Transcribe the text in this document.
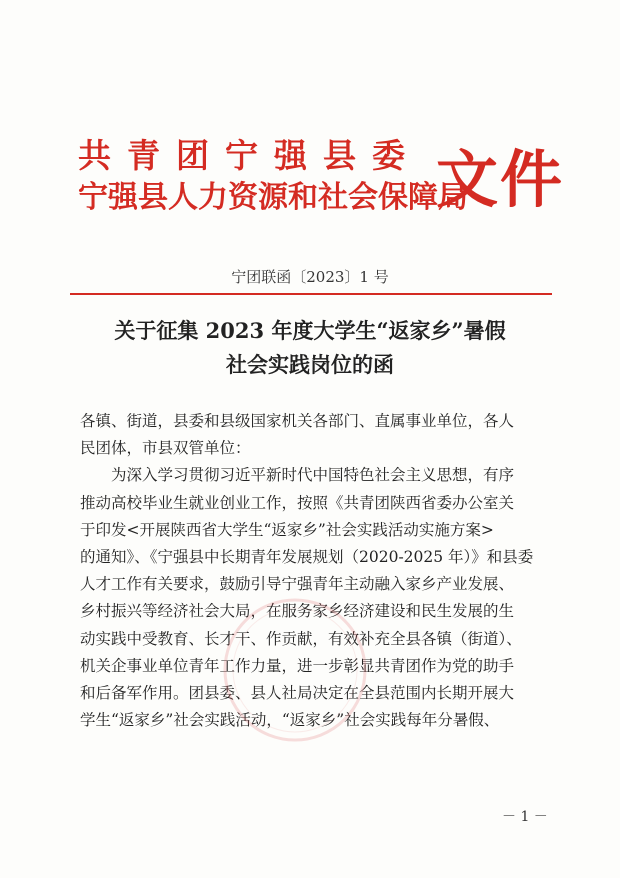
共青团宁强县委
宁强县人力资源和社会保障局
文件
宁团联函〔2023〕1 号
关于征集 2023 年度大学生“返家乡”暑假
社会实践岗位的函
各镇、街道，县委和县级国家机关各部门、直属事业单位，各人
民团体，市县双管单位：
为深入学习贯彻习近平新时代中国特色社会主义思想，有序
推动高校毕业生就业创业工作，按照《共青团陕西省委办公室关
于印发<开展陕西省大学生“返家乡”社会实践活动实施方案>
的通知》、《宁强县中长期青年发展规划（2020-2025 年）》和县委
人才工作有关要求，鼓励引导宁强青年主动融入家乡产业发展、
乡村振兴等经济社会大局，在服务家乡经济建设和民生发展的生
动实践中受教育、长才干、作贡献，有效补充全县各镇（街道）、
机关企事业单位青年工作力量，进一步彰显共青团作为党的助手
和后备军作用。团县委、县人社局决定在全县范围内长期开展大
学生“返家乡”社会实践活动，“返家乡”社会实践每年分暑假、
－ 1 －
